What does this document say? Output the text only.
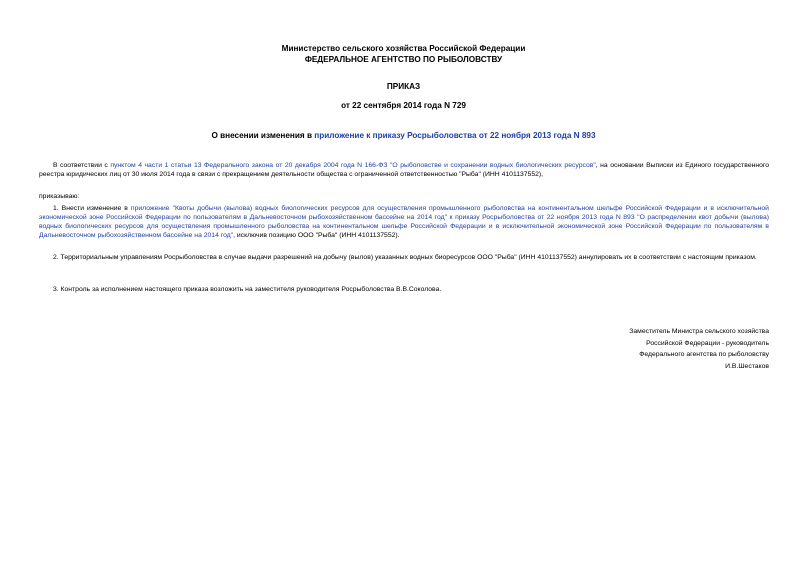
Министерство сельского хозяйства Российской Федерации
ФЕДЕРАЛЬНОЕ АГЕНТСТВО ПО РЫБОЛОВСТВУ
ПРИКАЗ
от 22 сентября 2014 года N 729
О внесении изменения в приложение к приказу Росрыболовства от 22 ноября 2013 года N 893
В соответствии с пунктом 4 части 1 статьи 13 Федерального закона от 20 декабря 2004 года N 166-ФЗ "О рыболовстве и сохранении водных биологических ресурсов", на основании Выписки из Единого государственного реестра юридических лиц от 30 июля 2014 года в связи с прекращением деятельности общества с ограниченной ответственностью "Рыба" (ИНН 4101137552),
приказываю:
1. Внести изменение в приложение "Квоты добычи (вылова) водных биологических ресурсов для осуществления промышленного рыболовства на континентальном шельфе Российской Федерации и в исключительной экономической зоне Российской Федерации по пользователям в Дальневосточном рыбохозяйственном бассейне на 2014 год" к приказу Росрыболовства от 22 ноября 2013 года N 893 "О распределении квот добычи (вылова) водных биологических ресурсов для осуществления промышленного рыболовства на континентальном шельфе Российской Федерации и в исключительной экономической зоне Российской Федерации по пользователям в Дальневосточном рыбохозяйственном бассейне на 2014 год", исключив позицию ООО "Рыба" (ИНН 4101137552).
2. Территориальным управлениям Росрыболовства в случае выдачи разрешений на добычу (вылов) указанных водных биоресурсов ООО "Рыба" (ИНН 4101137552) аннулировать их в соответствии с настоящим приказом.
3. Контроль за исполнением настоящего приказа возложить на заместителя руководителя Росрыболовства В.В.Соколова.
Заместитель Министра сельского хозяйства
Российской Федерации - руководитель
Федерального агентства по рыболовству
И.В.Шестаков
